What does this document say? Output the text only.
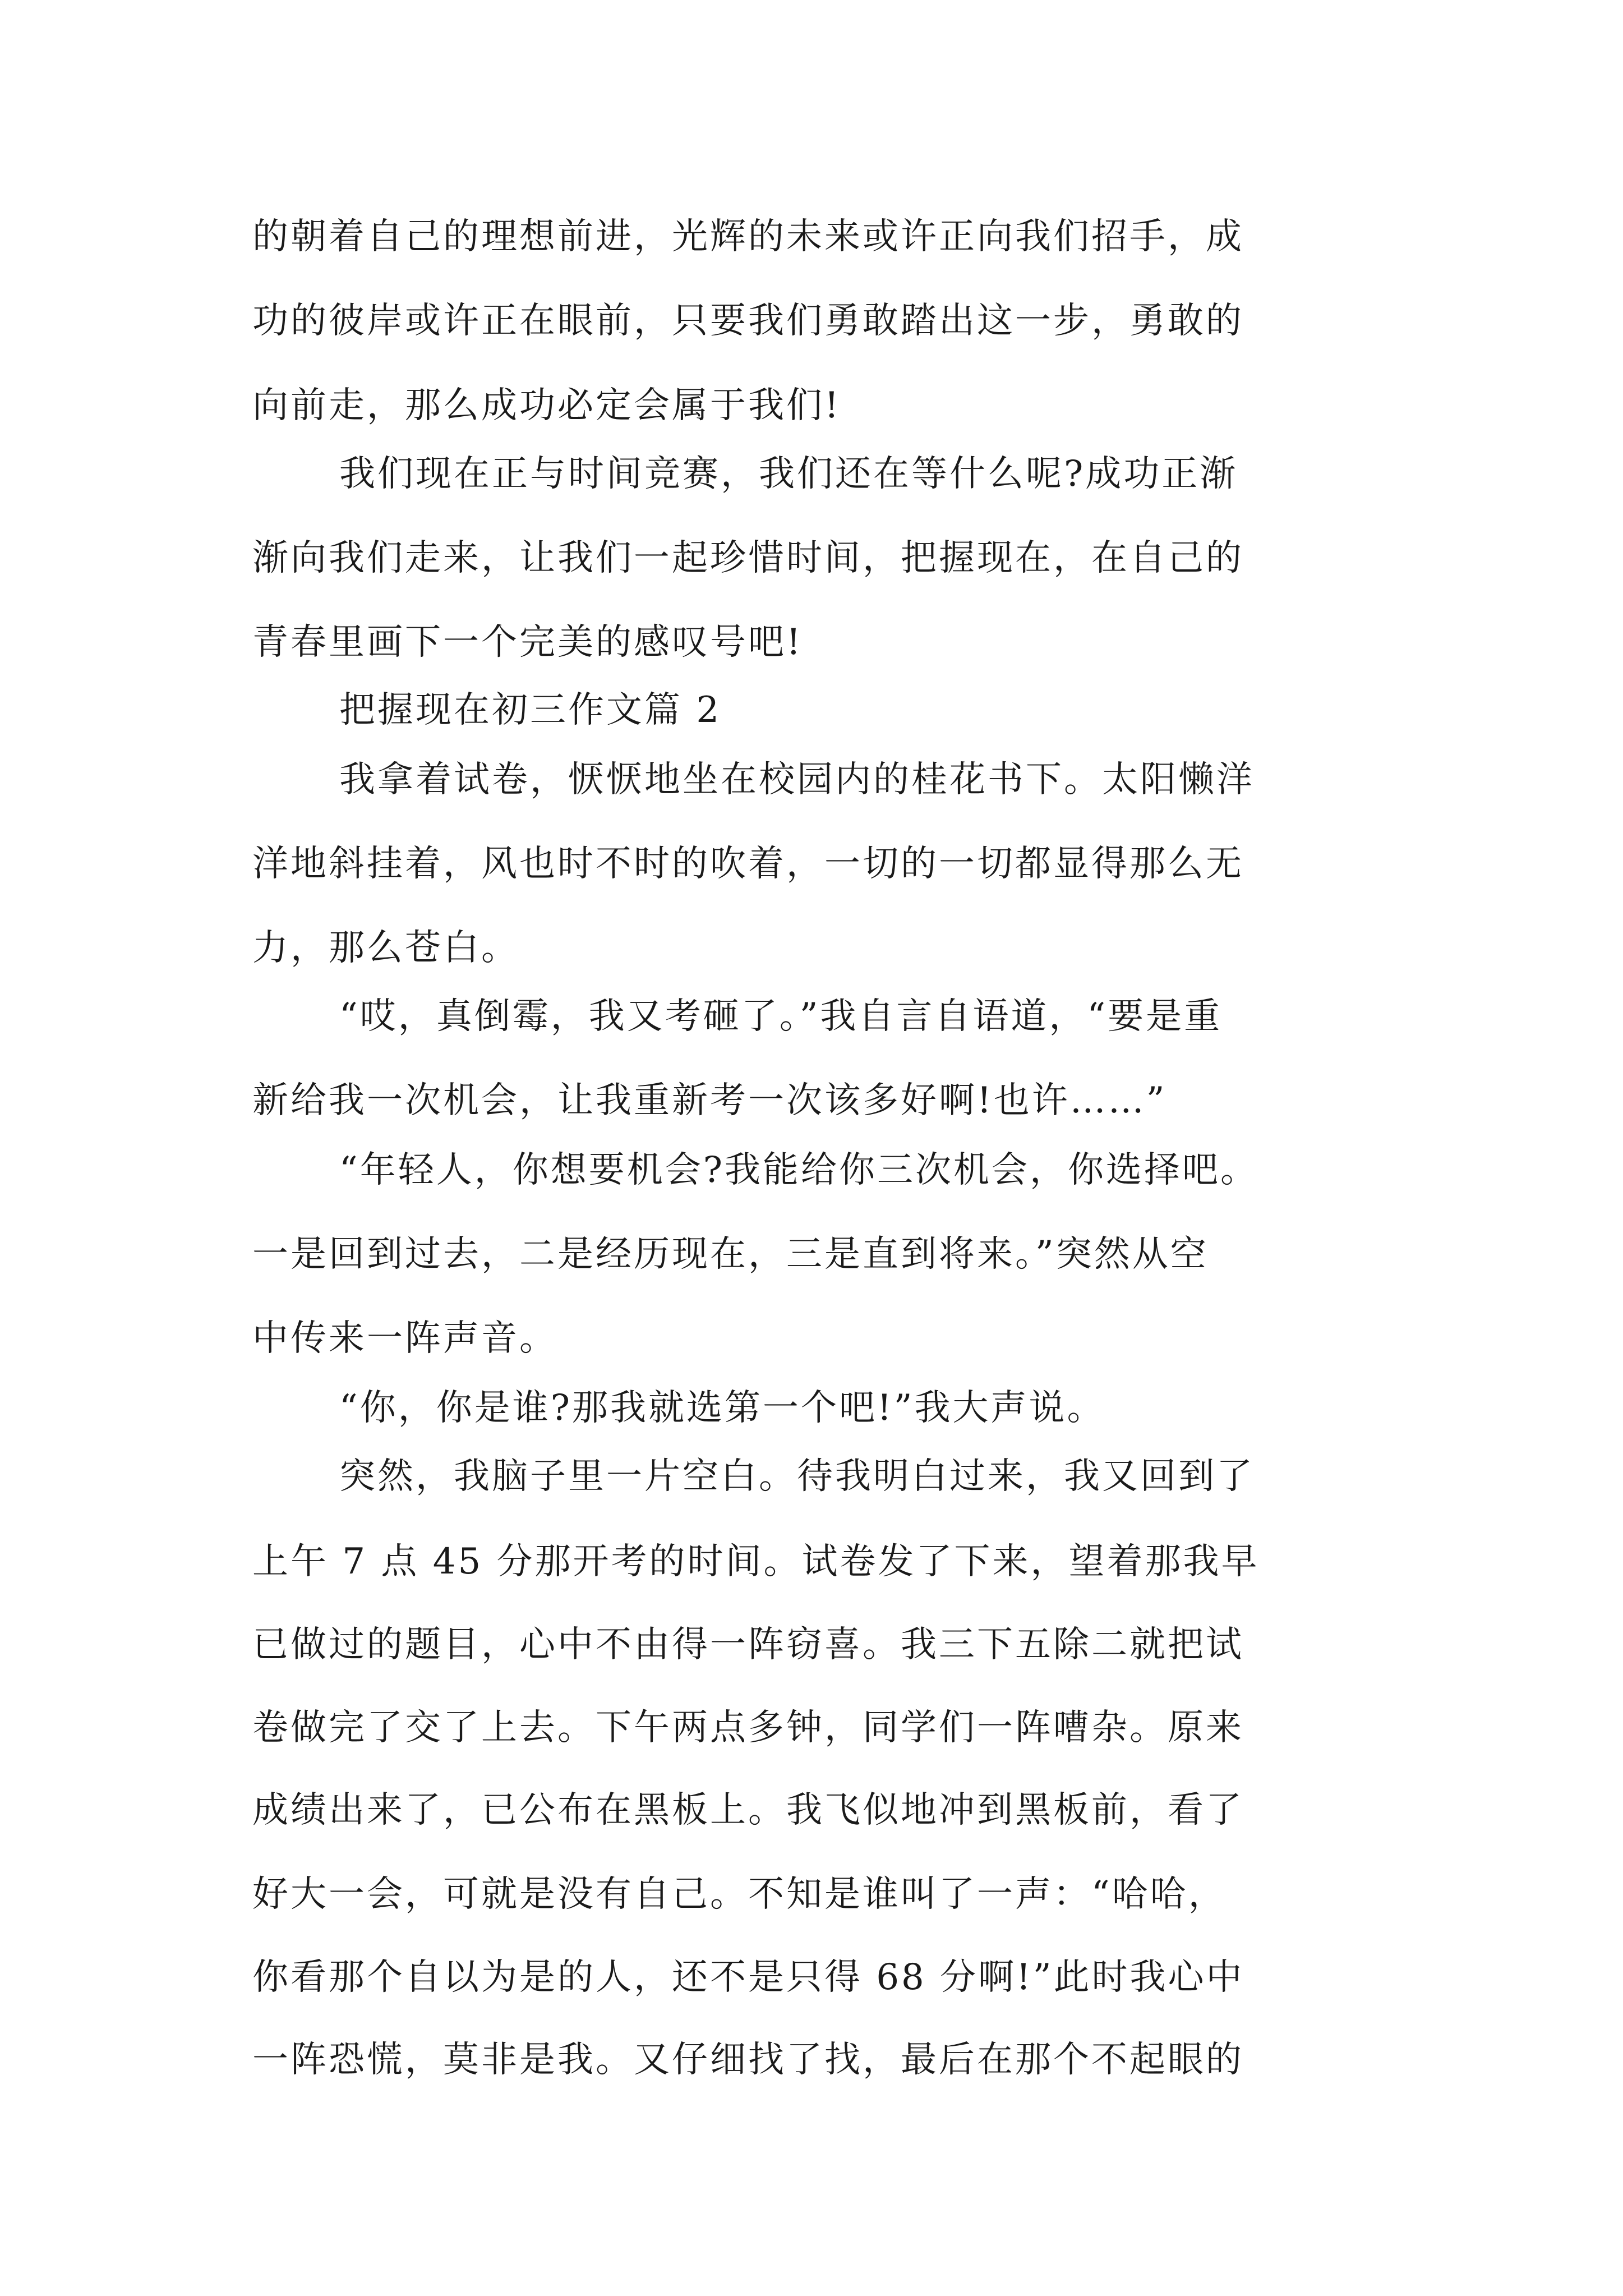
的朝着自己的理想前进，光辉的未来或许正向我们招手，成
功的彼岸或许正在眼前，只要我们勇敢踏出这一步，勇敢的
向前走，那么成功必定会属于我们!
我们现在正与时间竞赛，我们还在等什么呢?成功正渐
渐向我们走来，让我们一起珍惜时间，把握现在，在自己的
青春里画下一个完美的感叹号吧!
把握现在初三作文篇 2
我拿着试卷，恹恹地坐在校园内的桂花书下。太阳懒洋
洋地斜挂着，风也时不时的吹着，一切的一切都显得那么无
力，那么苍白。
“哎，真倒霉，我又考砸了。”我自言自语道，“要是重
新给我一次机会，让我重新考一次该多好啊!也许……”
“年轻人，你想要机会?我能给你三次机会，你选择吧。
一是回到过去，二是经历现在，三是直到将来。”突然从空
中传来一阵声音。
“你，你是谁?那我就选第一个吧!”我大声说。
突然，我脑子里一片空白。待我明白过来，我又回到了
上午 7 点 45 分那开考的时间。试卷发了下来，望着那我早
已做过的题目，心中不由得一阵窃喜。我三下五除二就把试
卷做完了交了上去。下午两点多钟，同学们一阵嘈杂。原来
成绩出来了，已公布在黑板上。我飞似地冲到黑板前，看了
好大一会，可就是没有自己。不知是谁叫了一声：“哈哈，
你看那个自以为是的人，还不是只得 68 分啊!”此时我心中
一阵恐慌，莫非是我。又仔细找了找，最后在那个不起眼的
